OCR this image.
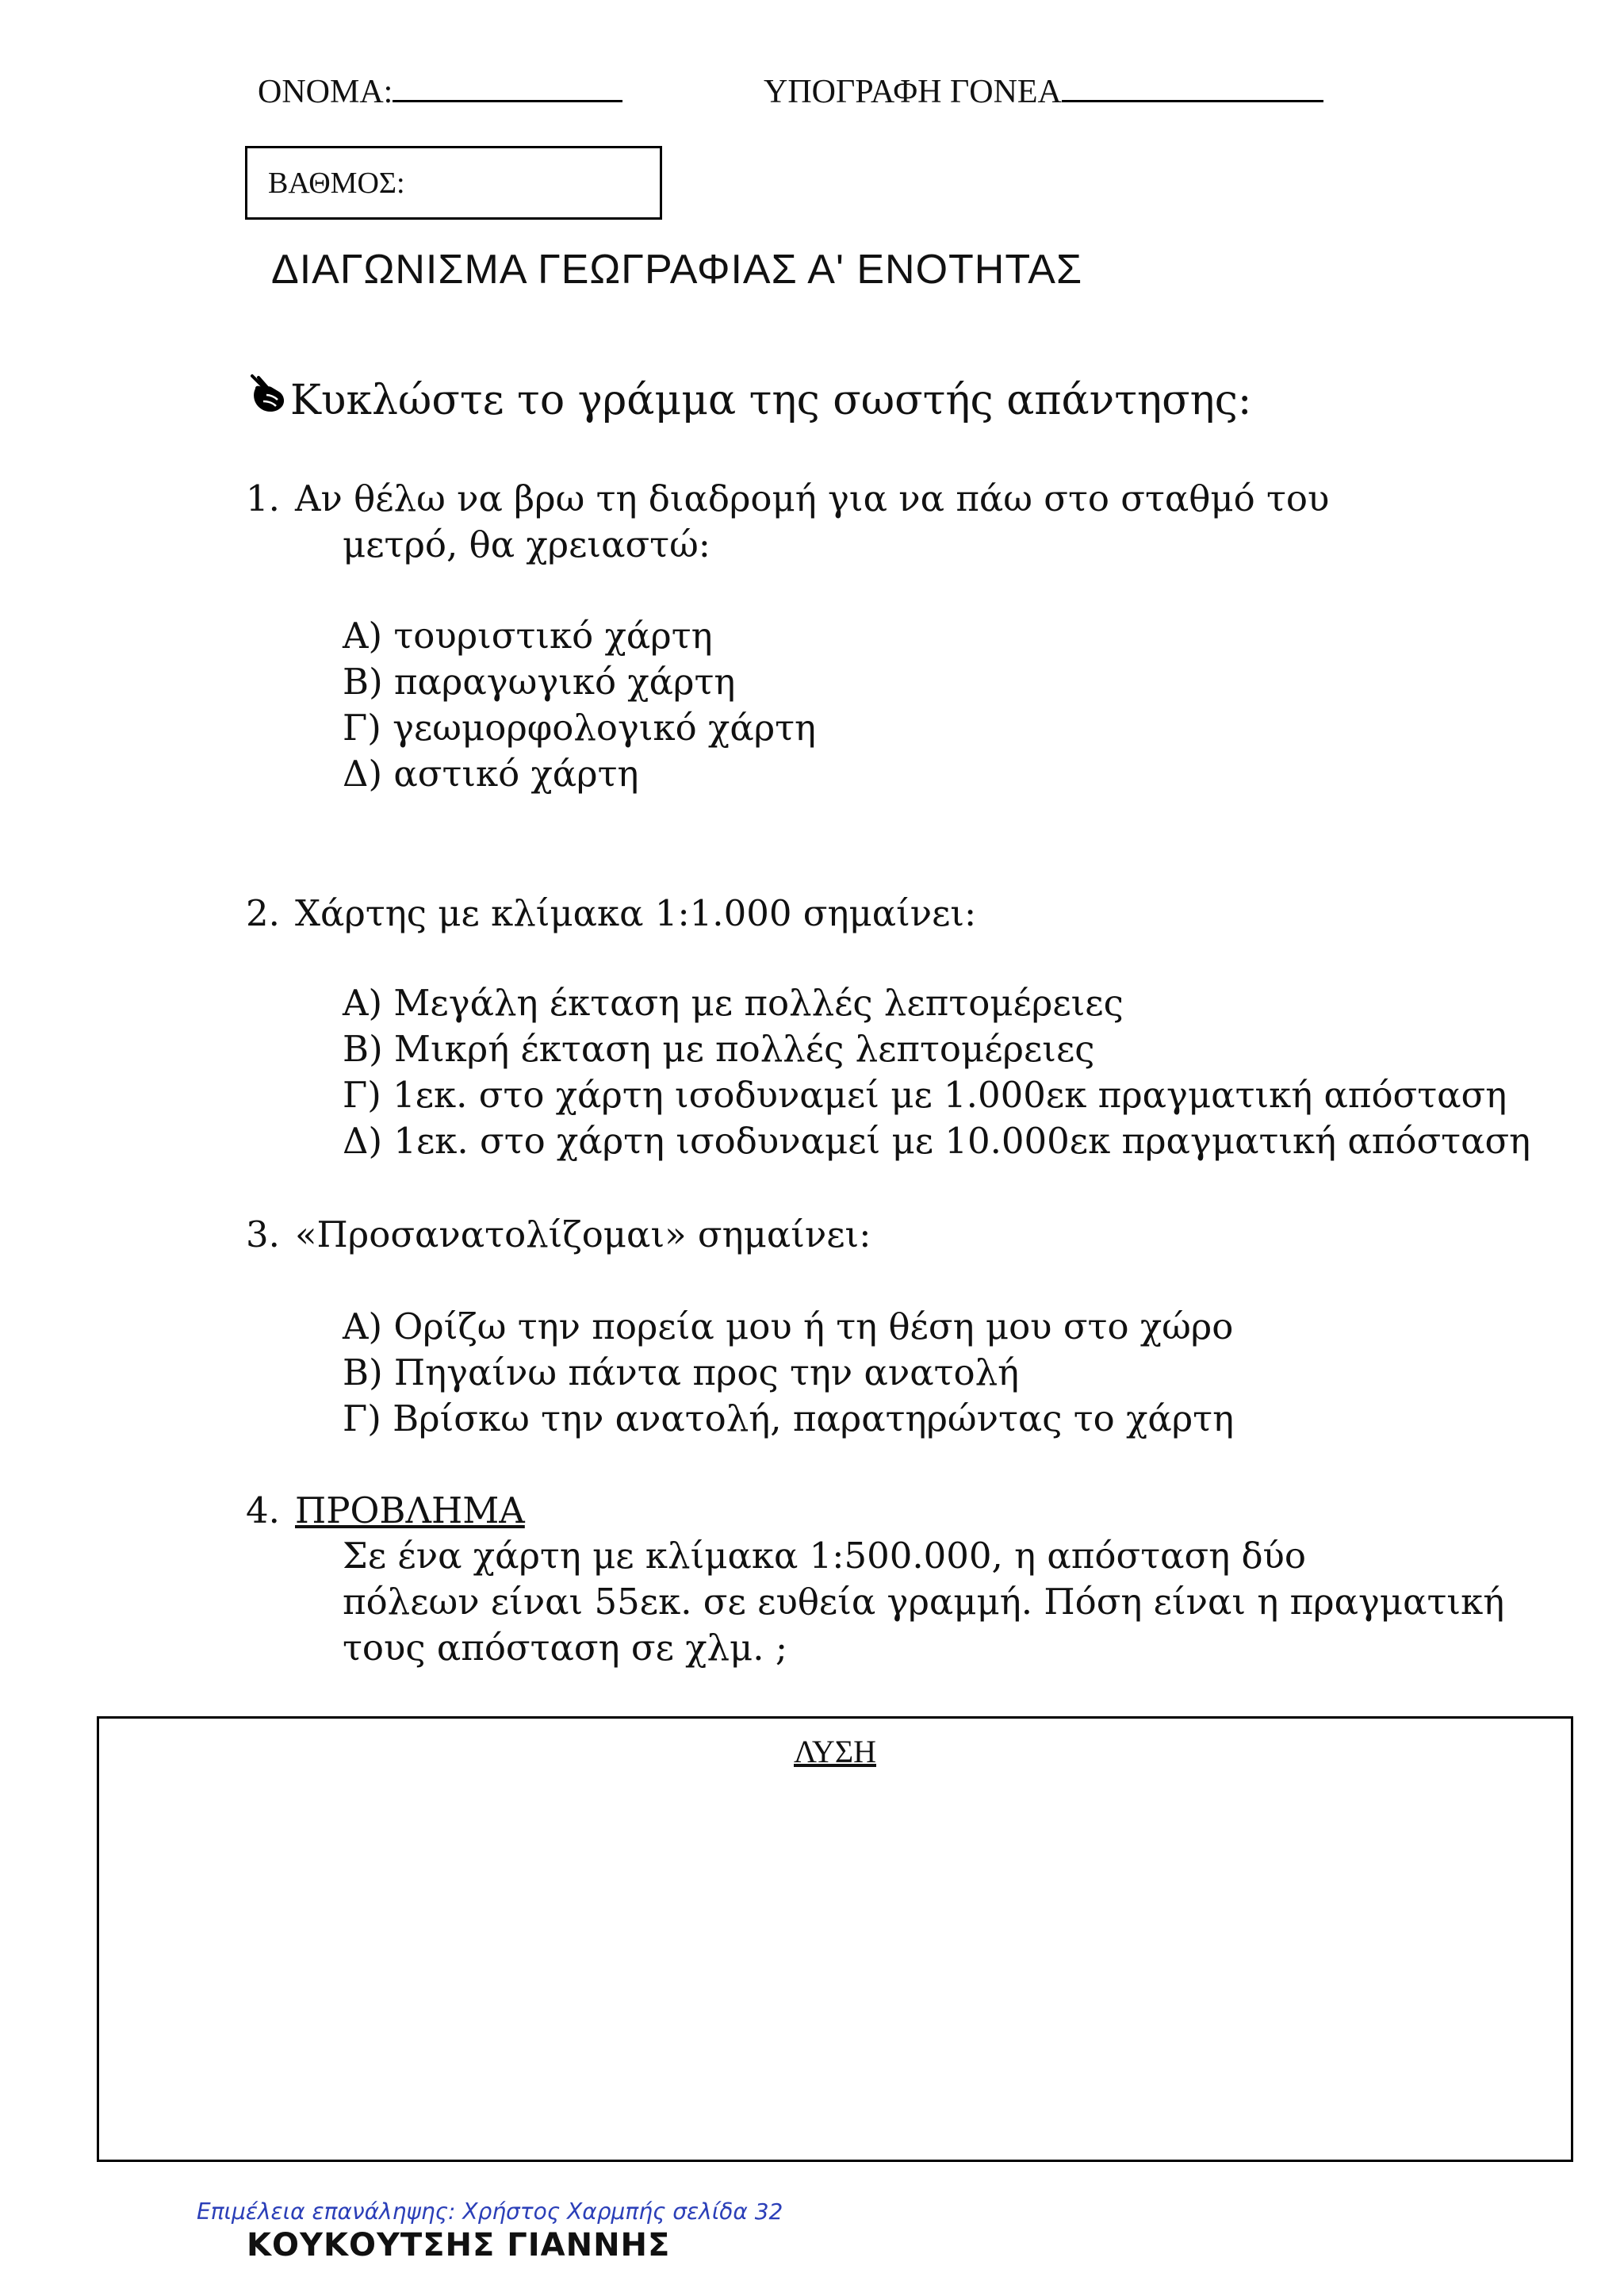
ΟΝΟΜΑ:	ΥΠΟΓΡΑΦΗ ΓΟΝΕΑ
ΒΑΘΜΟΣ:
ΔΙΑΓΩΝΙΣΜΑ ΓΕΩΓΡΑΦΙΑΣ Α' ΕΝΟΤΗΤΑΣ
Κυκλώστε το γράμμα της σωστής απάντησης:
1. Αν θέλω να βρω τη διαδρομή για να πάω στο σταθμό του
μετρό, θα χρειαστώ:
Α) τουριστικό χάρτη
Β) παραγωγικό χάρτη
Γ) γεωμορφολογικό χάρτη
Δ) αστικό χάρτη
2. Χάρτης με κλίμακα 1:1.000 σημαίνει:
Α) Μεγάλη έκταση με πολλές λεπτομέρειες
Β) Μικρή έκταση με πολλές λεπτομέρειες
Γ) 1εκ. στο χάρτη ισοδυναμεί με 1.000εκ πραγματική απόσταση
Δ) 1εκ. στο χάρτη ισοδυναμεί με 10.000εκ πραγματική απόσταση
3. «Προσανατολίζομαι» σημαίνει:
Α) Ορίζω την πορεία μου ή τη θέση μου στο χώρο
Β) Πηγαίνω πάντα προς την ανατολή
Γ) Βρίσκω την ανατολή, παρατηρώντας το χάρτη
4. ΠΡΟΒΛΗΜΑ
Σε ένα χάρτη με κλίμακα 1:500.000, η απόσταση δύο
πόλεων είναι 55εκ. σε ευθεία γραμμή. Πόση είναι η πραγματική
τους απόσταση σε χλμ. ;
ΛΥΣΗ
Επιμέλεια επανάληψης: Χρήστος Χαρμπής σελίδα 32
ΚΟΥΚΟΥΤΣΗΣ ΓΙΑΝΝΗΣ
